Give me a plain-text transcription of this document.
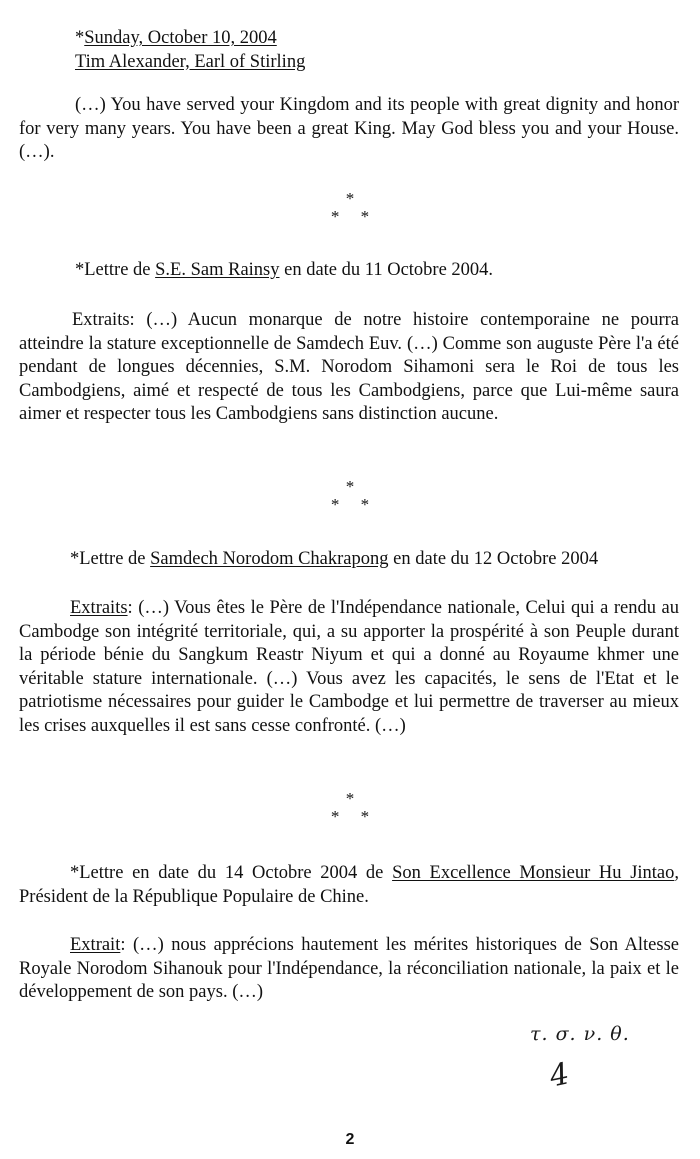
*Sunday, October 10, 2004
Tim Alexander, Earl of Stirling

(…) You have served your Kingdom and its people with great dignity and honor for very many years. You have been a great King. May God bless you and your House. (…).

*
* *

*Lettre de S.E. Sam Rainsy en date du 11 Octobre 2004.

Extraits: (…) Aucun monarque de notre histoire contemporaine ne pourra atteindre la stature exceptionnelle de Samdech Euv. (…) Comme son auguste Père l'a été pendant de longues décennies, S.M. Norodom Sihamoni sera le Roi de tous les Cambodgiens, aimé et respecté de tous les Cambodgiens, parce que Lui-même saura aimer et respecter tous les Cambodgiens sans distinction aucune.

*
* *

*Lettre de Samdech Norodom Chakrapong en date du 12 Octobre 2004

Extraits: (…) Vous êtes le Père de l'Indépendance nationale, Celui qui a rendu au Cambodge son intégrité territoriale, qui, a su apporter la prospérité à son Peuple durant la période bénie du Sangkum Reastr Niyum et qui a donné au Royaume khmer une véritable stature internationale. (…) Vous avez les capacités, le sens de l'Etat et le patriotisme nécessaires pour guider le Cambodge et lui permettre de traverser au mieux les crises auxquelles il est sans cesse confronté. (…)

*
* *

*Lettre en date du 14 Octobre 2004 de Son Excellence Monsieur Hu Jintao, Président de la République Populaire de Chine.

Extrait: (…) nous apprécions hautement les mérites historiques de Son Altesse Royale Norodom Sihanouk pour l'Indépendance, la réconciliation nationale, la paix et le développement de son pays. (…)

τ. σ. ν. θ.
4
2
